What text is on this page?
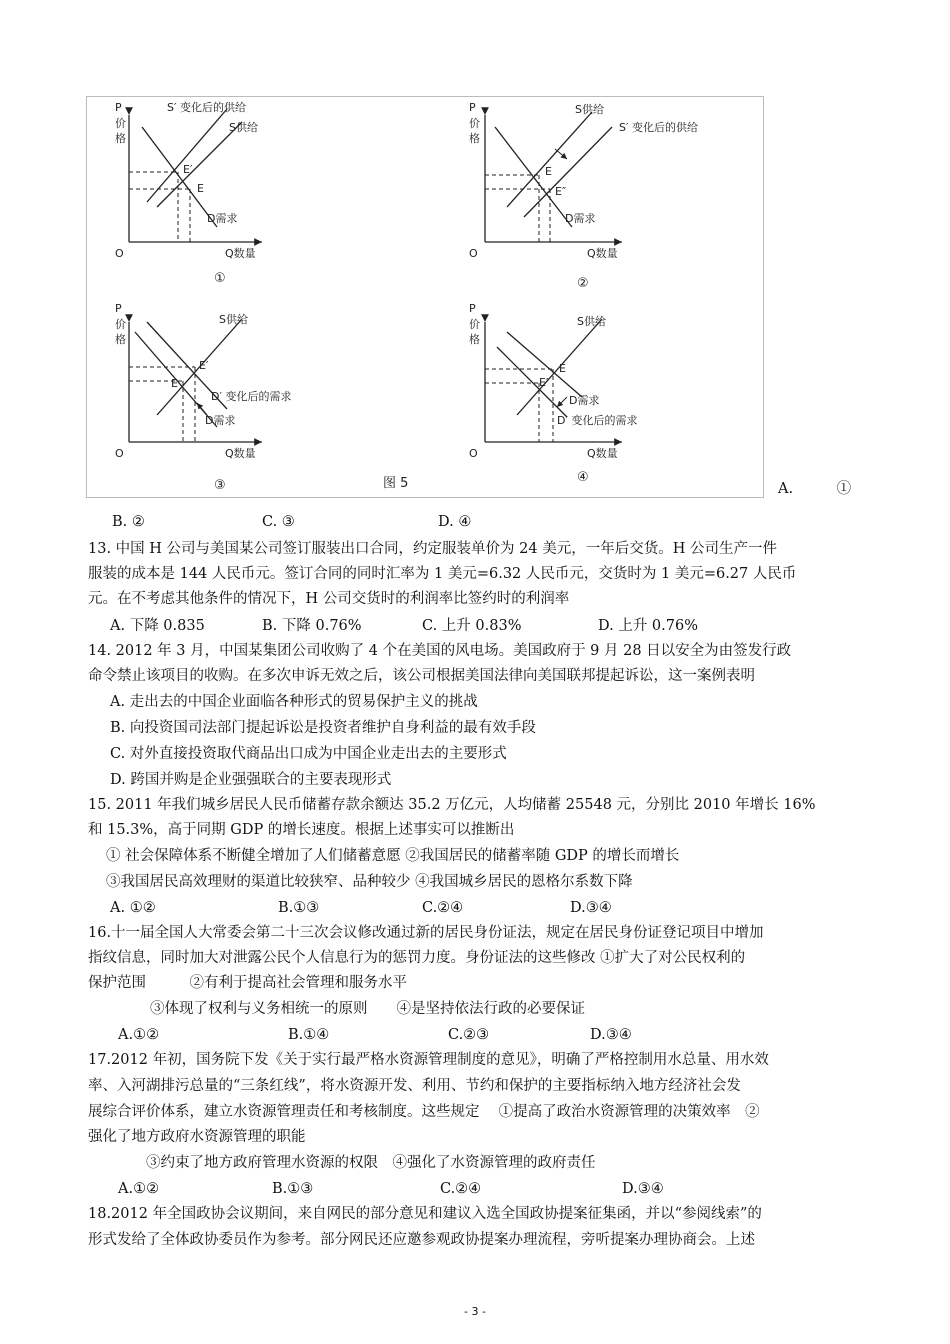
P
价
格
O	Q数量
S′ 变化后的供给
S供给
D需求
E′
E
①
P
价
格
O	Q数量
S供给
S′ 变化后的供给
D需求
E
E″
②
P
价
格
O	Q数量
S供给
E′
E
D′ 变化后的需求
D需求
③
P
价
格
O	Q数量
S供给
E
E′
D需求
D′ 变化后的需求
④
图 5	A.　　　①
B. ②	C. ③	D. ④
13. 中国 H 公司与美国某公司签订服装出口合同，约定服装单价为 24 美元，一年后交货。H 公司生产一件
服装的成本是 144 人民币元。签订合同的同时汇率为 1 美元=6.32 人民币元，交货时为 1 美元=6.27 人民币
元。在不考虑其他条件的情况下，H 公司交货时的利润率比签约时的利润率
A. 下降 0.835	B. 下降 0.76%	C. 上升 0.83%	D. 上升 0.76%
14. 2012 年 3 月，中国某集团公司收购了 4 个在美国的风电场。美国政府于 9 月 28 日以安全为由签发行政
命令禁止该项目的收购。在多次申诉无效之后，该公司根据美国法律向美国联邦提起诉讼，这一案例表明
A. 走出去的中国企业面临各种形式的贸易保护主义的挑战
B. 向投资国司法部门提起诉讼是投资者维护自身利益的最有效手段
C. 对外直接投资取代商品出口成为中国企业走出去的主要形式
D. 跨国并购是企业强强联合的主要表现形式
15. 2011 年我们城乡居民人民币储蓄存款余额达 35.2 万亿元，人均储蓄 25548 元，分别比 2010 年增长 16%
和 15.3%，高于同期 GDP 的增长速度。根据上述事实可以推断出
① 社会保障体系不断健全增加了人们储蓄意愿 ②我国居民的储蓄率随 GDP 的增长而增长
③我国居民高效理财的渠道比较狭窄、品种较少 ④我国城乡居民的恩格尔系数下降
A. ①②	B.①③	C.②④	D.③④
16.十一届全国人大常委会第二十三次会议修改通过新的居民身份证法，规定在居民身份证登记项目中增加
指纹信息，同时加大对泄露公民个人信息行为的惩罚力度。身份证法的这些修改 ①扩大了对公民权利的
保护范围　　　②有利于提高社会管理和服务水平
③体现了权利与义务相统一的原则　　④是坚持依法行政的必要保证
A.①②	B.①④	C.②③	D.③④
17.2012 年初，国务院下发《关于实行最严格水资源管理制度的意见》，明确了严格控制用水总量、用水效
率、入河湖排污总量的“三条红线”，将水资源开发、利用、节约和保护的主要指标纳入地方经济社会发
展综合评价体系，建立水资源管理责任和考核制度。这些规定　 ①提高了政治水资源管理的决策效率　②
强化了地方政府水资源管理的职能
③约束了地方政府管理水资源的权限　④强化了水资源管理的政府责任
A.①②	B.①③	C.②④	D.③④
18.2012 年全国政协会议期间，来自网民的部分意见和建议入选全国政协提案征集函，并以“参阅线索”的
形式发给了全体政协委员作为参考。部分网民还应邀参观政协提案办理流程，旁听提案办理协商会。上述
- 3 -
